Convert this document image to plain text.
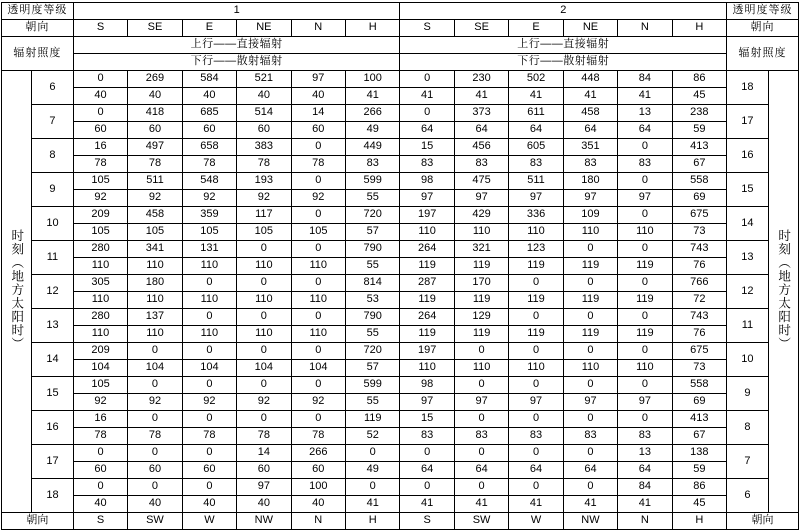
透明度等级		1						2						透明度等级	
朝向		S	SE	E	NE	N	H	S	SE	E	NE	N	H	朝向	
辐射照度		上行——直接辐射						上行——直接辐射						辐射照度	
		下行——散射辐射						下行——散射辐射							
时刻（地方太阳时）	6	0	269	584	521	97	100	0	230	502	448	84	86	18	时刻（地方太阳时）
		40	40	40	40	40	41	41	41	41	41	41	45		
	7	0	418	685	514	14	266	0	373	611	458	13	238	17	
		60	60	60	60	60	49	64	64	64	64	64	59		
	8	16	497	658	383	0	449	15	456	605	351	0	413	16	
		78	78	78	78	78	83	83	83	83	83	83	67		
	9	105	511	548	193	0	599	98	475	511	180	0	558	15	
		92	92	92	92	92	55	97	97	97	97	97	69		
	10	209	458	359	117	0	720	197	429	336	109	0	675	14	
		105	105	105	105	105	57	110	110	110	110	110	73		
	11	280	341	131	0	0	790	264	321	123	0	0	743	13	
		110	110	110	110	110	55	119	119	119	119	119	76		
	12	305	180	0	0	0	814	287	170	0	0	0	766	12	
		110	110	110	110	110	53	119	119	119	119	119	72		
	13	280	137	0	0	0	790	264	129	0	0	0	743	11	
		110	110	110	110	110	55	119	119	119	119	119	76		
	14	209	0	0	0	0	720	197	0	0	0	0	675	10	
		104	104	104	104	104	57	110	110	110	110	110	73		
	15	105	0	0	0	0	599	98	0	0	0	0	558	9	
		92	92	92	92	92	55	97	97	97	97	97	69		
	16	16	0	0	0	0	119	15	0	0	0	0	413	8	
		78	78	78	78	78	52	83	83	83	83	83	67		
	17	0	0	0	14	266	0	0	0	0	0	13	138	7	
		60	60	60	60	60	49	64	64	64	64	64	59		
	18	0	0	0	97	100	0	0	0	0	0	84	86	6	
		40	40	40	40	40	41	41	41	41	41	41	45		
朝向		S	SW	W	NW	N	H	S	SW	W	NW	N	H	朝向	
